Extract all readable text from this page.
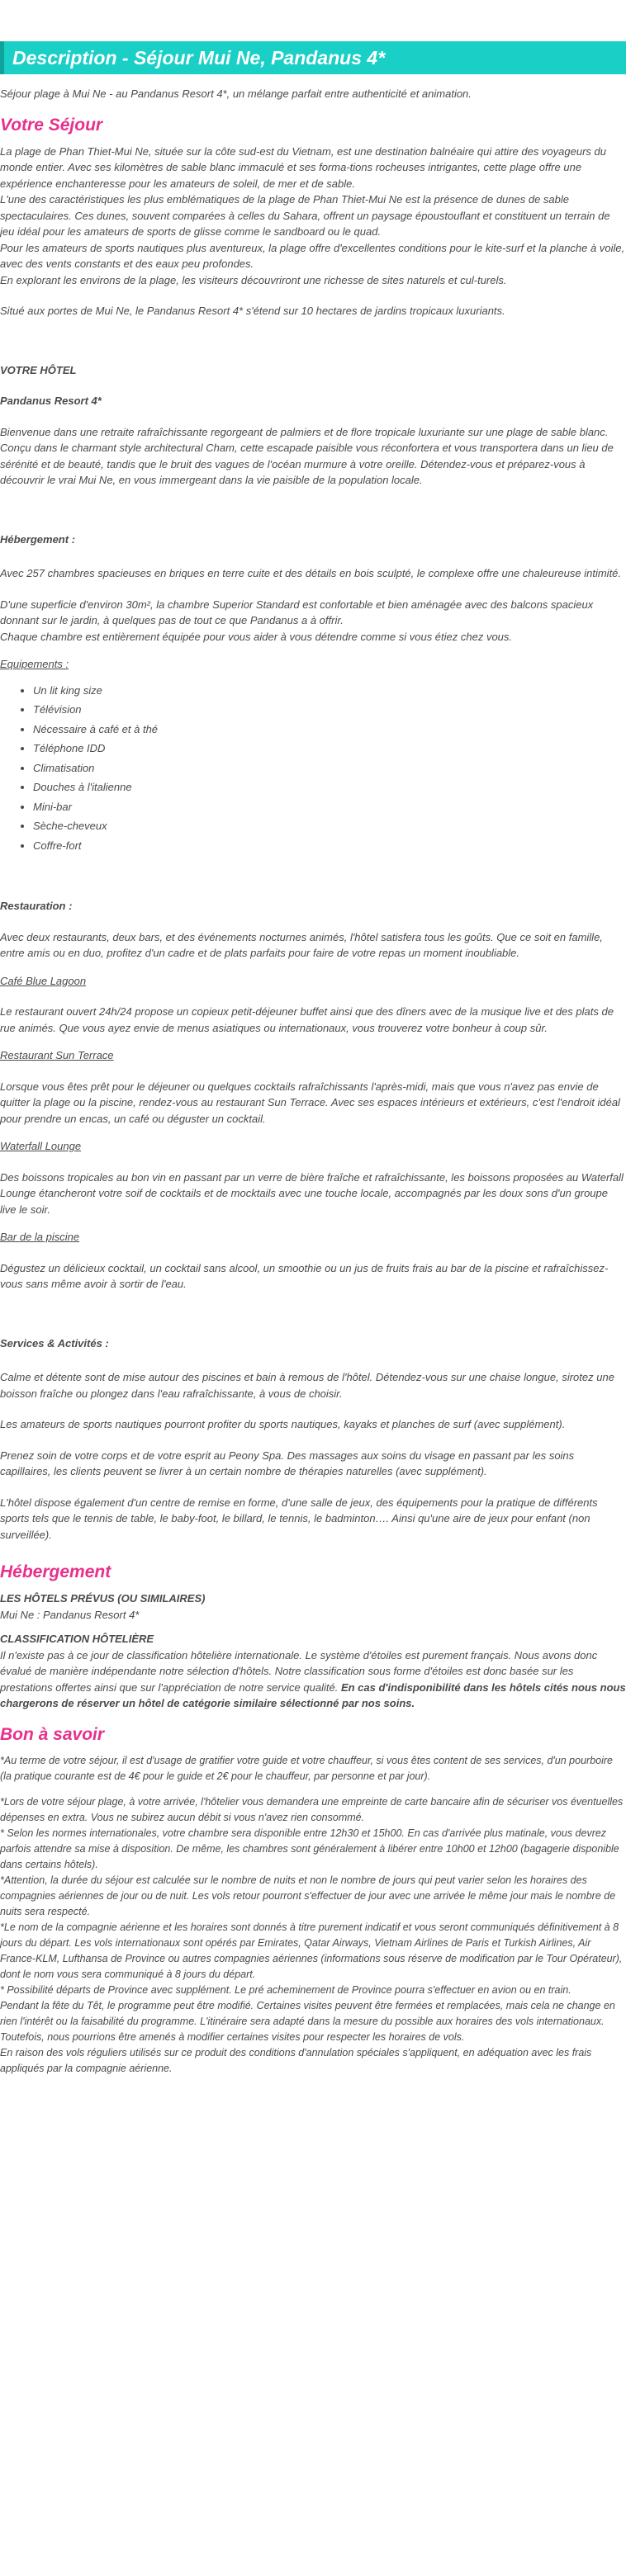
Description - Séjour Mui Ne, Pandanus 4*

Séjour plage à Mui Ne - au Pandanus Resort 4*, un mélange parfait entre authenticité et animation.

Votre Séjour

La plage de Phan Thiet-Mui Ne, située sur la côte sud-est du Vietnam, est une destination balnéaire qui attire des voyageurs du monde entier. Avec ses kilomètres de sable blanc immaculé et ses forma-tions rocheuses intrigantes, cette plage offre une expérience enchanteresse pour les amateurs de soleil, de mer et de sable.

L'une des caractéristiques les plus emblématiques de la plage de Phan Thiet-Mui Ne est la présence de dunes de sable spectaculaires. Ces dunes, souvent comparées à celles du Sahara, offrent un paysage époustouflant et constituent un terrain de jeu idéal pour les amateurs de sports de glisse comme le sandboard ou le quad.

Pour les amateurs de sports nautiques plus aventureux, la plage offre d'excellentes conditions pour le kite-surf et la planche à voile, avec des vents constants et des eaux peu profondes.

En explorant les environs de la plage, les visiteurs découvriront une richesse de sites naturels et cul-turels.

Situé aux portes de Mui Ne, le Pandanus Resort 4* s'étend sur 10 hectares de jardins tropicaux luxuriants.

VOTRE HÔTEL

Pandanus Resort 4*

Bienvenue dans une retraite rafraîchissante regorgeant de palmiers et de flore tropicale luxuriante sur une plage de sable blanc. Conçu dans le charmant style architectural Cham, cette escapade paisible vous réconfortera et vous transportera dans un lieu de sérénité et de beauté, tandis que le bruit des vagues de l'océan murmure à votre oreille. Détendez-vous et préparez-vous à découvrir le vrai Mui Ne, en vous immergeant dans la vie paisible de la population locale.

Hébergement :

Avec 257 chambres spacieuses en briques en terre cuite et des détails en bois sculpté, le complexe offre une chaleureuse intimité.

D'une superficie d'environ 30m², la chambre Superior Standard est confortable et bien aménagée avec des balcons spacieux donnant sur le jardin, à quelques pas de tout ce que Pandanus a à offrir.

Chaque chambre est entièrement équipée pour vous aider à vous détendre comme si vous étiez chez vous.

Equipements :

• Un lit king size
• Télévision
• Nécessaire à café et à thé
• Téléphone IDD
• Climatisation
• Douches à l'italienne
• Mini-bar
• Sèche-cheveux
• Coffre-fort

Restauration :

Avec deux restaurants, deux bars, et des événements nocturnes animés, l'hôtel satisfera tous les goûts. Que ce soit en famille, entre amis ou en duo, profitez d'un cadre et de plats parfaits pour faire de votre repas un moment inoubliable.

Café Blue Lagoon

Le restaurant ouvert 24h/24 propose un copieux petit-déjeuner buffet ainsi que des dîners avec de la musique live et des plats de rue animés. Que vous ayez envie de menus asiatiques ou internationaux, vous trouverez votre bonheur à coup sûr.

Restaurant Sun Terrace

Lorsque vous êtes prêt pour le déjeuner ou quelques cocktails rafraîchissants l'après-midi, mais que vous n'avez pas envie de quitter la plage ou la piscine, rendez-vous au restaurant Sun Terrace. Avec ses espaces intérieurs et extérieurs, c'est l'endroit idéal pour prendre un encas, un café ou déguster un cocktail.

Waterfall Lounge

Des boissons tropicales au bon vin en passant par un verre de bière fraîche et rafraîchissante, les boissons proposées au Waterfall Lounge étancheront votre soif de cocktails et de mocktails avec une touche locale, accompagnés par les doux sons d'un groupe live le soir.

Bar de la piscine

Dégustez un délicieux cocktail, un cocktail sans alcool, un smoothie ou un jus de fruits frais au bar de la piscine et rafraîchissez-vous sans même avoir à sortir de l'eau.

Services & Activités :

Calme et détente sont de mise autour des piscines et bain à remous de l'hôtel. Détendez-vous sur une chaise longue, sirotez une boisson fraîche ou plongez dans l'eau rafraîchissante, à vous de choisir.

Les amateurs de sports nautiques pourront profiter du sports nautiques, kayaks et planches de surf (avec supplément).

Prenez soin de votre corps et de votre esprit au Peony Spa. Des massages aux soins du visage en passant par les soins capillaires, les clients peuvent se livrer à un certain nombre de thérapies naturelles (avec supplément).

L'hôtel dispose également d'un centre de remise en forme, d'une salle de jeux, des équipements pour la pratique de différents sports tels que le tennis de table, le baby-foot, le billard, le tennis, le badminton…. Ainsi qu'une aire de jeux pour enfant (non surveillée).

Hébergement

LES HÔTELS PRÉVUS (OU SIMILAIRES)

Mui Ne : Pandanus Resort 4*

CLASSIFICATION HÔTELIÈRE

Il n'existe pas à ce jour de classification hôtelière internationale. Le système d'étoiles est purement français. Nous avons donc évalué de manière indépendante notre sélection d'hôtels. Notre classification sous forme d'étoiles est donc basée sur les prestations offertes ainsi que sur l'appréciation de notre service qualité. En cas d'indisponibilité dans les hôtels cités nous nous chargerons de réserver un hôtel de catégorie similaire sélectionné par nos soins.

Bon à savoir

*Au terme de votre séjour, il est d'usage de gratifier votre guide et votre chauffeur, si vous êtes content de ses services, d'un pourboire (la pratique courante est de 4€ pour le guide et 2€ pour le chauffeur, par personne et par jour).

*Lors de votre séjour plage, à votre arrivée, l'hôtelier vous demandera une empreinte de carte bancaire afin de sécuriser vos éventuelles dépenses en extra. Vous ne subirez aucun débit si vous n'avez rien consommé.

* Selon les normes internationales, votre chambre sera disponible entre 12h30 et 15h00. En cas d'arrivée plus matinale, vous devrez parfois attendre sa mise à disposition. De même, les chambres sont généralement à libérer entre 10h00 et 12h00 (bagagerie disponible dans certains hôtels).

*Attention, la durée du séjour est calculée sur le nombre de nuits et non le nombre de jours qui peut varier selon les horaires des compagnies aériennes de jour ou de nuit. Les vols retour pourront s'effectuer de jour avec une arrivée le même jour mais le nombre de nuits sera respecté.

*Le nom de la compagnie aérienne et les horaires sont donnés à titre purement indicatif et vous seront communiqués définitivement à 8 jours du départ. Les vols internationaux sont opérés par Emirates, Qatar Airways, Vietnam Airlines de Paris et Turkish Airlines, Air France-KLM, Lufthansa de Province ou autres compagnies aériennes (informations sous réserve de modification par le Tour Opérateur), dont le nom vous sera communiqué à 8 jours du départ.

* Possibilité départs de Province avec supplément. Le pré acheminement de Province pourra s'effectuer en avion ou en train.

Pendant la fête du Têt, le programme peut être modifié. Certaines visites peuvent être fermées et remplacées, mais cela ne change en rien l'intérêt ou la faisabilité du programme. L'itinéraire sera adapté dans la mesure du possible aux horaires des vols internationaux. Toutefois, nous pourrions être amenés à modifier certaines visites pour respecter les horaires de vols.

En raison des vols réguliers utilisés sur ce produit des conditions d'annulation spéciales s'appliquent, en adéquation avec les frais appliqués par la compagnie aérienne.
